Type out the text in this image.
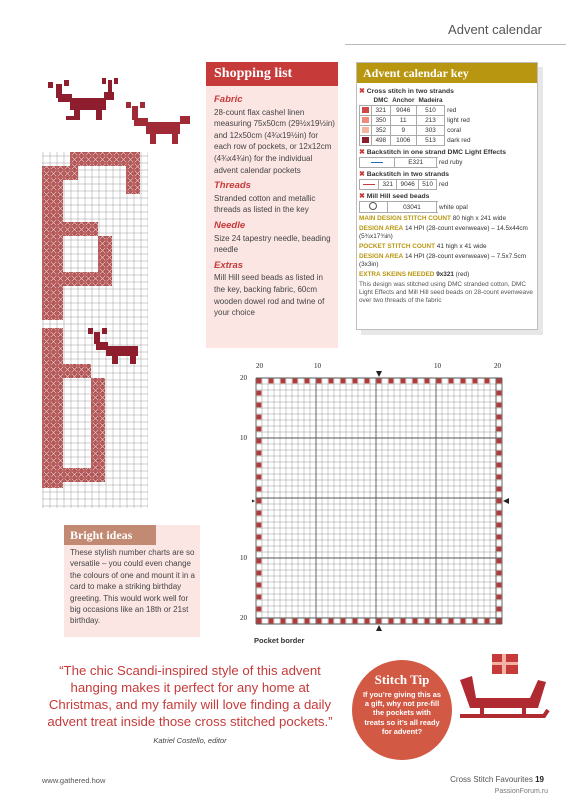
Advent calendar
Shopping list
Fabric

28-count flax cashel linen measuring 75x50cm (29½x19½in) and 12x50cm (4¾x19½in) for each row of pockets, or 12x12cm (4¾x4¾in) for the individual advent calendar pockets

Threads

Stranded cotton and metallic threads as listed in the key

Needle

Size 24 tapestry needle, beading needle

Extras

Mill Hill seed beads as listed in the key, backing fabric, 60cm wooden dowel rod and twine of your choice

Advent calendar key
✖ Cross stitch in two strands
	DMC	Anchor	Madeira	
	321	9046	510	red
	350	11	213	light red
	352	9	303	coral
	498	1006	513	dark red
✖ Backstitch in one strand DMC Light Effects
	E321	red ruby
✖ Backstitch in two strands
	321	9046	510	red
✖ Mill Hill seed beads
	03041	white opal
MAIN DESIGN STITCH COUNT 80 high x 241 wide
DESIGN AREA 14 HPI (28-count evenweave) – 14.5x44cm (5¾x17¾in)
POCKET STITCH COUNT 41 high x 41 wide
DESIGN AREA 14 HPI (28-count evenweave) – 7.5x7.5cm (3x3in)
EXTRA SKEINS NEEDED 9x321 (red)
This design was stitched using DMC stranded cotton, DMC Light Effects and Mill Hill seed beads on 28-count evenweave over two threads of the fabric
20	10	10	20
20
10
10
20
Pocket border
Bright ideas
These stylish number charts are so versatile – you could even change the colours of one and mount it in a card to make a striking birthday greeting. This would work well for big occasions like an 18th or 21st birthday.
“The chic Scandi-inspired style of this advent hanging makes it perfect for any home at Christmas, and my family will love finding a daily advent treat inside those cross stitched pockets.”
Katriel Costello, editor
Stitch Tip
If you’re giving this as a gift, why not pre-fill the pockets with treats so it’s all ready for advent?
www.gathered.how	Cross Stitch Favourites 19
PassionForum.ru
